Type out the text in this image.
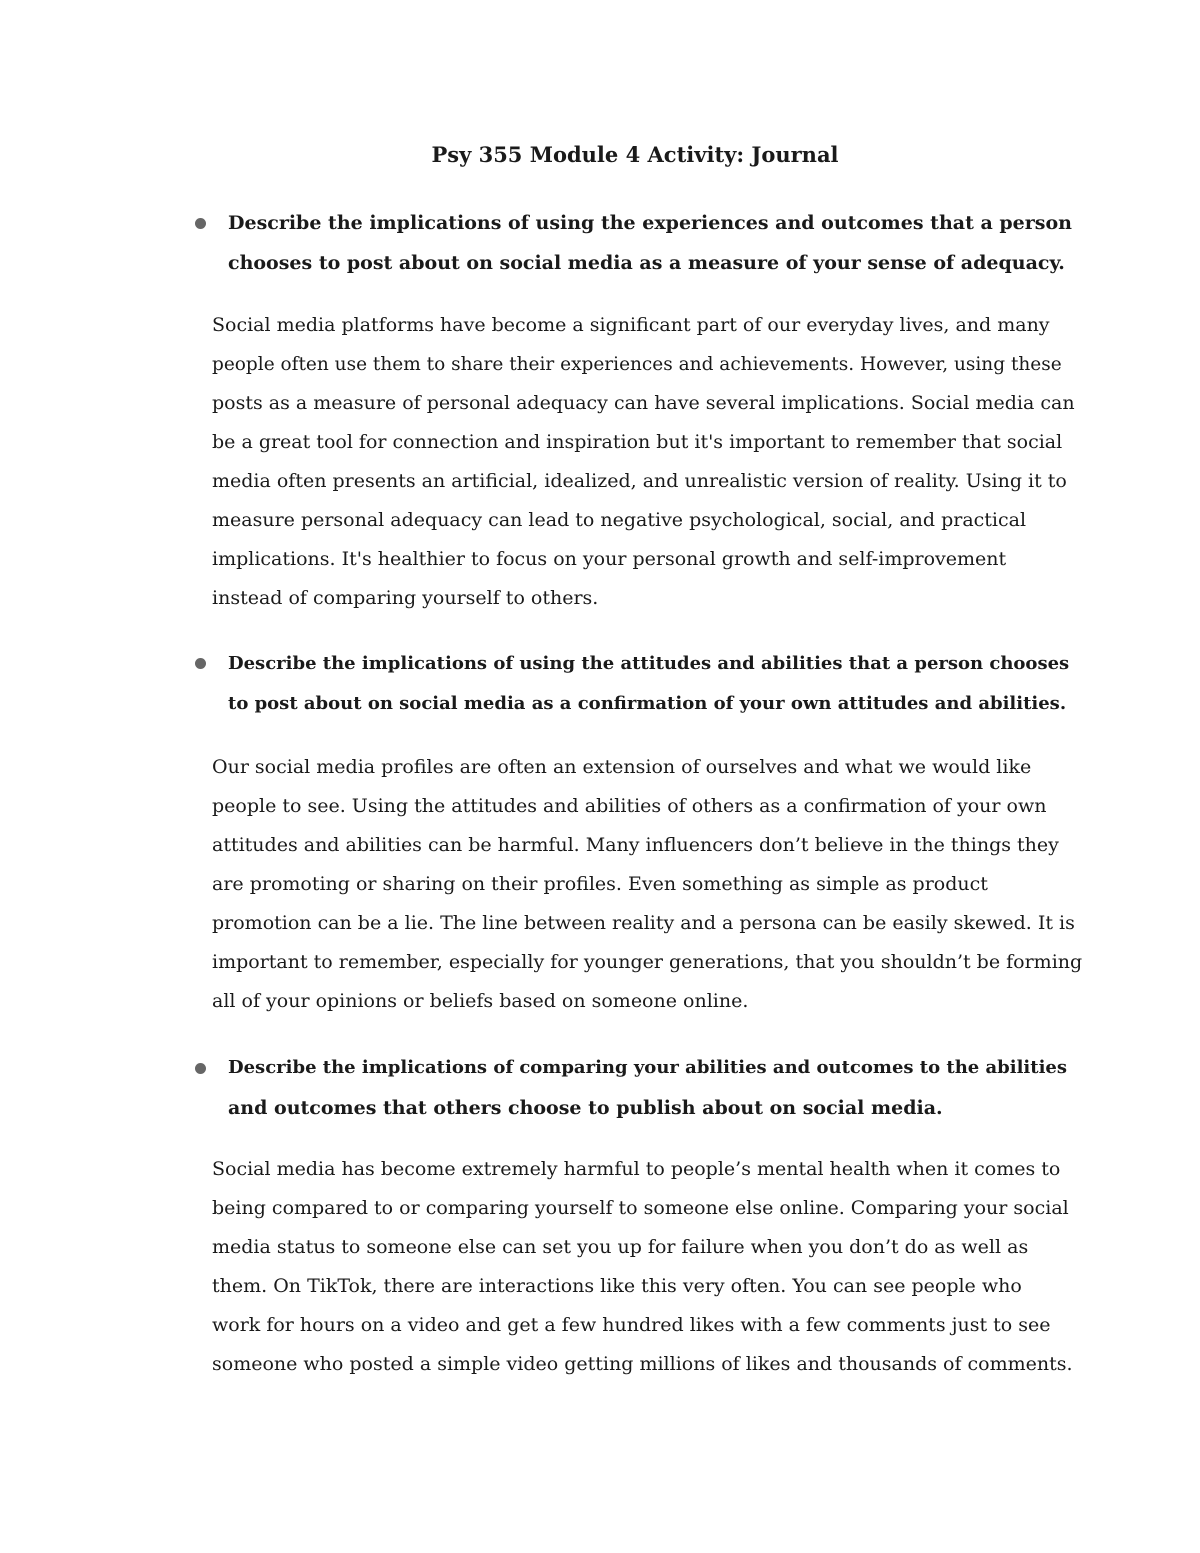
Psy 355 Module 4 Activity: Journal
Describe the implications of using the experiences and outcomes that a person
chooses to post about on social media as a measure of your sense of adequacy.
Social media platforms have become a significant part of our everyday lives, and many
people often use them to share their experiences and achievements. However, using these
posts as a measure of personal adequacy can have several implications. Social media can
be a great tool for connection and inspiration but it's important to remember that social
media often presents an artificial, idealized, and unrealistic version of reality. Using it to
measure personal adequacy can lead to negative psychological, social, and practical
implications. It's healthier to focus on your personal growth and self-improvement
instead of comparing yourself to others.
Describe the implications of using the attitudes and abilities that a person chooses
to post about on social media as a confirmation of your own attitudes and abilities.
Our social media profiles are often an extension of ourselves and what we would like
people to see. Using the attitudes and abilities of others as a confirmation of your own
attitudes and abilities can be harmful. Many influencers don’t believe in the things they
are promoting or sharing on their profiles. Even something as simple as product
promotion can be a lie. The line between reality and a persona can be easily skewed. It is
important to remember, especially for younger generations, that you shouldn’t be forming
all of your opinions or beliefs based on someone online.
Describe the implications of comparing your abilities and outcomes to the abilities
and outcomes that others choose to publish about on social media.
Social media has become extremely harmful to people’s mental health when it comes to
being compared to or comparing yourself to someone else online. Comparing your social
media status to someone else can set you up for failure when you don’t do as well as
them. On TikTok, there are interactions like this very often. You can see people who
work for hours on a video and get a few hundred likes with a few comments just to see
someone who posted a simple video getting millions of likes and thousands of comments.
